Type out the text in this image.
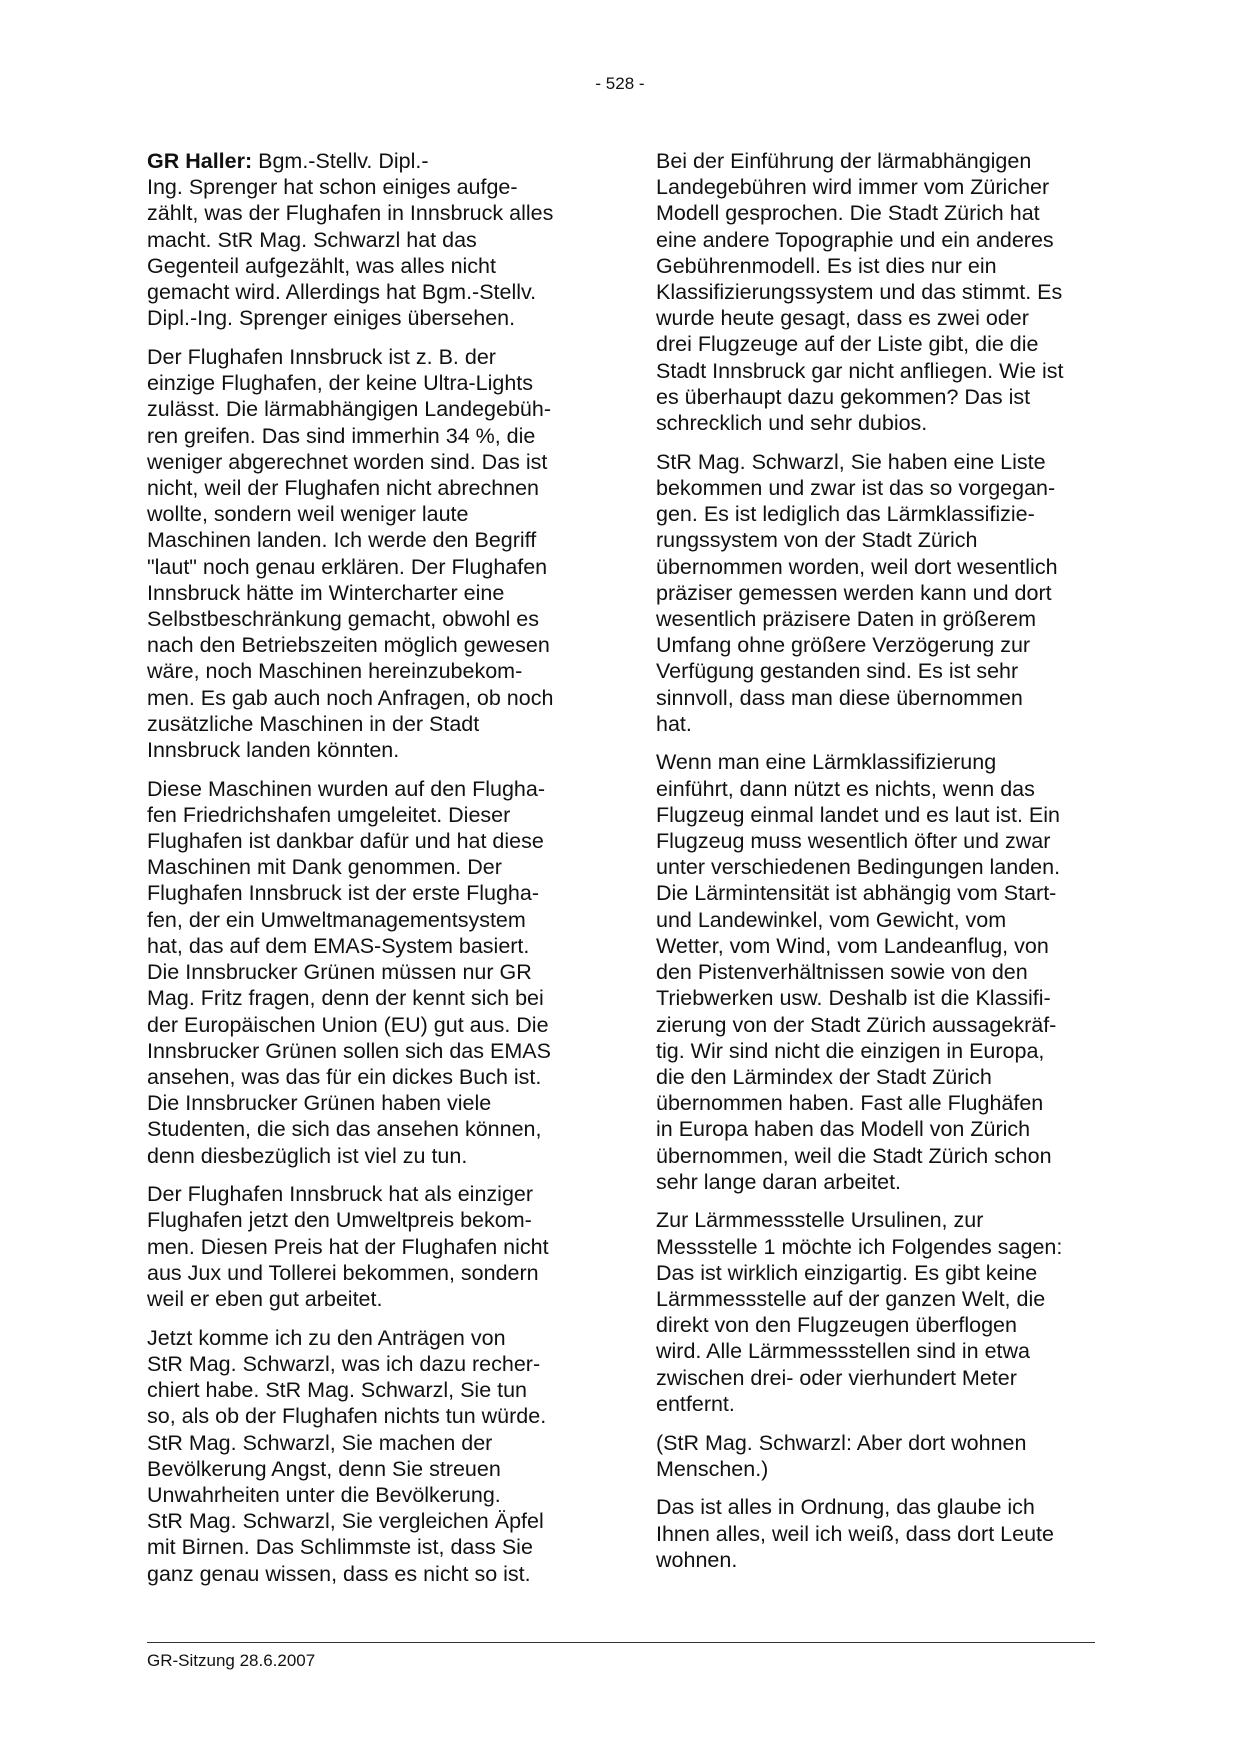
- 528 -

GR Haller: Bgm.-Stellv. Dipl.-
Ing. Sprenger hat schon einiges aufge-
zählt, was der Flughafen in Innsbruck alles
macht. StR Mag. Schwarzl hat das
Gegenteil aufgezählt, was alles nicht
gemacht wird. Allerdings hat Bgm.-Stellv.
Dipl.-Ing. Sprenger einiges übersehen.

Der Flughafen Innsbruck ist z. B. der
einzige Flughafen, der keine Ultra-Lights
zulässt. Die lärmabhängigen Landegebüh-
ren greifen. Das sind immerhin 34 %, die
weniger abgerechnet worden sind. Das ist
nicht, weil der Flughafen nicht abrechnen
wollte, sondern weil weniger laute
Maschinen landen. Ich werde den Begriff
"laut" noch genau erklären. Der Flughafen
Innsbruck hätte im Wintercharter eine
Selbstbeschränkung gemacht, obwohl es
nach den Betriebszeiten möglich gewesen
wäre, noch Maschinen hereinzubekom-
men. Es gab auch noch Anfragen, ob noch
zusätzliche Maschinen in der Stadt
Innsbruck landen könnten.

Diese Maschinen wurden auf den Flugha-
fen Friedrichshafen umgeleitet. Dieser
Flughafen ist dankbar dafür und hat diese
Maschinen mit Dank genommen. Der
Flughafen Innsbruck ist der erste Flugha-
fen, der ein Umweltmanagementsystem
hat, das auf dem EMAS-System basiert.
Die Innsbrucker Grünen müssen nur GR
Mag. Fritz fragen, denn der kennt sich bei
der Europäischen Union (EU) gut aus. Die
Innsbrucker Grünen sollen sich das EMAS
ansehen, was das für ein dickes Buch ist.
Die Innsbrucker Grünen haben viele
Studenten, die sich das ansehen können,
denn diesbezüglich ist viel zu tun.

Der Flughafen Innsbruck hat als einziger
Flughafen jetzt den Umweltpreis bekom-
men. Diesen Preis hat der Flughafen nicht
aus Jux und Tollerei bekommen, sondern
weil er eben gut arbeitet.

Jetzt komme ich zu den Anträgen von
StR Mag. Schwarzl, was ich dazu recher-
chiert habe. StR Mag. Schwarzl, Sie tun
so, als ob der Flughafen nichts tun würde.
StR Mag. Schwarzl, Sie machen der
Bevölkerung Angst, denn Sie streuen
Unwahrheiten unter die Bevölkerung.
StR Mag. Schwarzl, Sie vergleichen Äpfel
mit Birnen. Das Schlimmste ist, dass Sie
ganz genau wissen, dass es nicht so ist.

Bei der Einführung der lärmabhängigen
Landegebühren wird immer vom Züricher
Modell gesprochen. Die Stadt Zürich hat
eine andere Topographie und ein anderes
Gebührenmodell. Es ist dies nur ein
Klassifizierungssystem und das stimmt. Es
wurde heute gesagt, dass es zwei oder
drei Flugzeuge auf der Liste gibt, die die
Stadt Innsbruck gar nicht anfliegen. Wie ist
es überhaupt dazu gekommen? Das ist
schrecklich und sehr dubios.

StR Mag. Schwarzl, Sie haben eine Liste
bekommen und zwar ist das so vorgegan-
gen. Es ist lediglich das Lärmklassifizie-
rungssystem von der Stadt Zürich
übernommen worden, weil dort wesentlich
präziser gemessen werden kann und dort
wesentlich präzisere Daten in größerem
Umfang ohne größere Verzögerung zur
Verfügung gestanden sind. Es ist sehr
sinnvoll, dass man diese übernommen
hat.

Wenn man eine Lärmklassifizierung
einführt, dann nützt es nichts, wenn das
Flugzeug einmal landet und es laut ist. Ein
Flugzeug muss wesentlich öfter und zwar
unter verschiedenen Bedingungen landen.
Die Lärmintensität ist abhängig vom Start-
und Landewinkel, vom Gewicht, vom
Wetter, vom Wind, vom Landeanflug, von
den Pistenverhältnissen sowie von den
Triebwerken usw. Deshalb ist die Klassifi-
zierung von der Stadt Zürich aussagekräf-
tig. Wir sind nicht die einzigen in Europa,
die den Lärmindex der Stadt Zürich
übernommen haben. Fast alle Flughäfen
in Europa haben das Modell von Zürich
übernommen, weil die Stadt Zürich schon
sehr lange daran arbeitet.

Zur Lärmmessstelle Ursulinen, zur
Messstelle 1 möchte ich Folgendes sagen:
Das ist wirklich einzigartig. Es gibt keine
Lärmmessstelle auf der ganzen Welt, die
direkt von den Flugzeugen überflogen
wird. Alle Lärmmessstellen sind in etwa
zwischen drei- oder vierhundert Meter
entfernt.

(StR Mag. Schwarzl: Aber dort wohnen
Menschen.)

Das ist alles in Ordnung, das glaube ich
Ihnen alles, weil ich weiß, dass dort Leute
wohnen.

GR-Sitzung 28.6.2007
